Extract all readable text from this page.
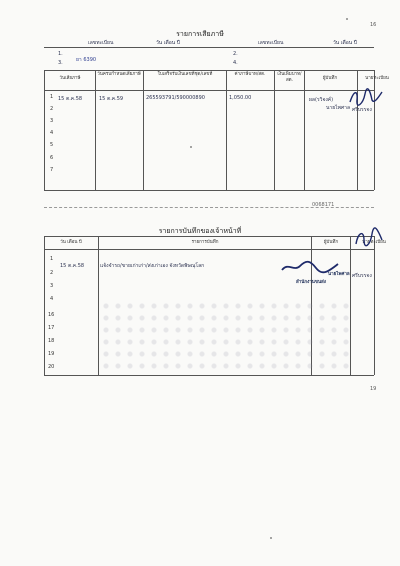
16
รายการเสียภาษี
เลขทะเบียน	วัน เดือน ปี	เลขทะเบียน	วัน เดือน ปี
1.
ยา 6390
2.
3.	4.
วันเสียภาษี
วันครบกำหนดเสียภาษี	ใบเสร็จรับเงินเลขที่ชุด/เลขที่	ค่าภาษีบาท/สต.	เงินเพิ่มบาท/สต.	ผู้บันทึก	นายทะเบียน
1
2
3
4
5
6
7
15 ต.ค.58	15 ต.ค.59	265593791/590000890	1,050.00	ผล(รวิจงค์)
นายไพศาล ศรีบรรจง
0068171
รายการบันทึกของเจ้าหน้าที่
วัน เดือน ปี	รายการบันทึก	ผู้บันทึก	นายทะเบียน
1
2
3
4
16
17
18
19
20
15 ต.ค.58	แจ้งจำรถ/ขายเก่าเก่า/ส่งเก่าเอง จังหวัดพิษณุโลก
นายไพศาล
สำนักงานขนส่ง
ศรีบรรจง
19
